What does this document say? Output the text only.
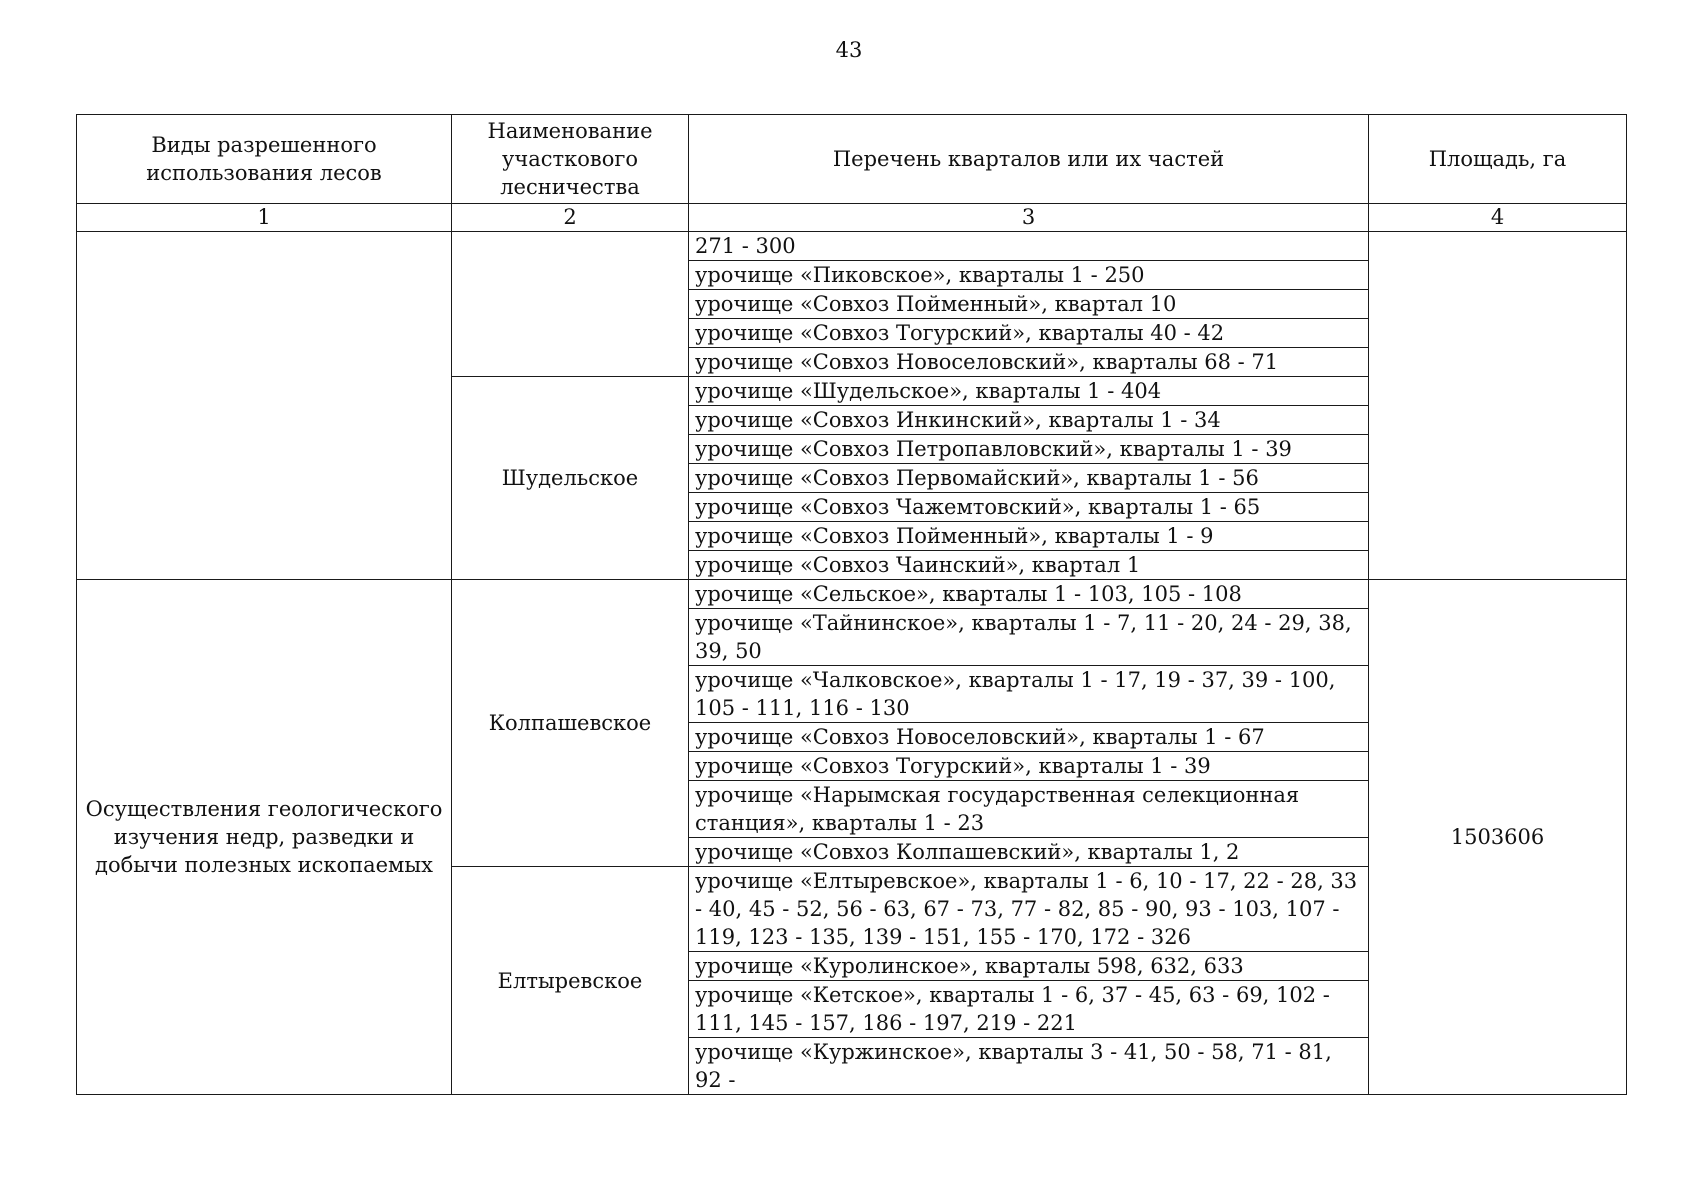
43
Виды разрешенного использования лесов	Наименование участкового лесничества	Перечень кварталов или их частей	Площадь, га
1	2	3	4
		271 - 300	
		урочище «Пиковское», кварталы 1 - 250	
		урочище «Совхоз Пойменный», квартал 10	
		урочище «Совхоз Тогурский», кварталы 40 - 42	
		урочище «Совхоз Новоселовский», кварталы 68 - 71	
	Шудельское	урочище «Шудельское», кварталы 1 - 404	
		урочище «Совхоз Инкинский», кварталы 1 - 34	
		урочище «Совхоз Петропавловский», кварталы 1 - 39	
		урочище «Совхоз Первомайский», кварталы 1 - 56	
		урочище «Совхоз Чажемтовский», кварталы 1 - 65	
		урочище «Совхоз Пойменный», кварталы 1 - 9	
		урочище «Совхоз Чаинский», квартал 1	
Осуществления геологического изучения недр, разведки и добычи полезных ископаемых	Колпашевское	урочище «Сельское», кварталы 1 - 103, 105 - 108	1503606
		урочище «Тайнинское», кварталы 1 - 7, 11 - 20, 24 - 29, 38, 39, 50	
		урочище «Чалковское», кварталы 1 - 17, 19 - 37, 39 - 100, 105 - 111, 116 - 130	
		урочище «Совхоз Новоселовский», кварталы 1 - 67	
		урочище «Совхоз Тогурский», кварталы 1 - 39	
		урочище «Нарымская государственная селекционная станция», кварталы 1 - 23	
		урочище «Совхоз Колпашевский», кварталы 1, 2	
	Елтыревское	урочище «Елтыревское», кварталы 1 - 6, 10 - 17, 22 - 28, 33 - 40, 45 - 52, 56 - 63, 67 - 73, 77 - 82, 85 - 90, 93 - 103, 107 - 119, 123 - 135, 139 - 151, 155 - 170, 172 - 326	
		урочище «Куролинское», кварталы 598, 632, 633	
		урочище «Кетское», кварталы 1 - 6, 37 - 45, 63 - 69, 102 - 111, 145 - 157, 186 - 197, 219 - 221	
		урочище «Куржинское», кварталы 3 - 41, 50 - 58, 71 - 81, 92 -	
